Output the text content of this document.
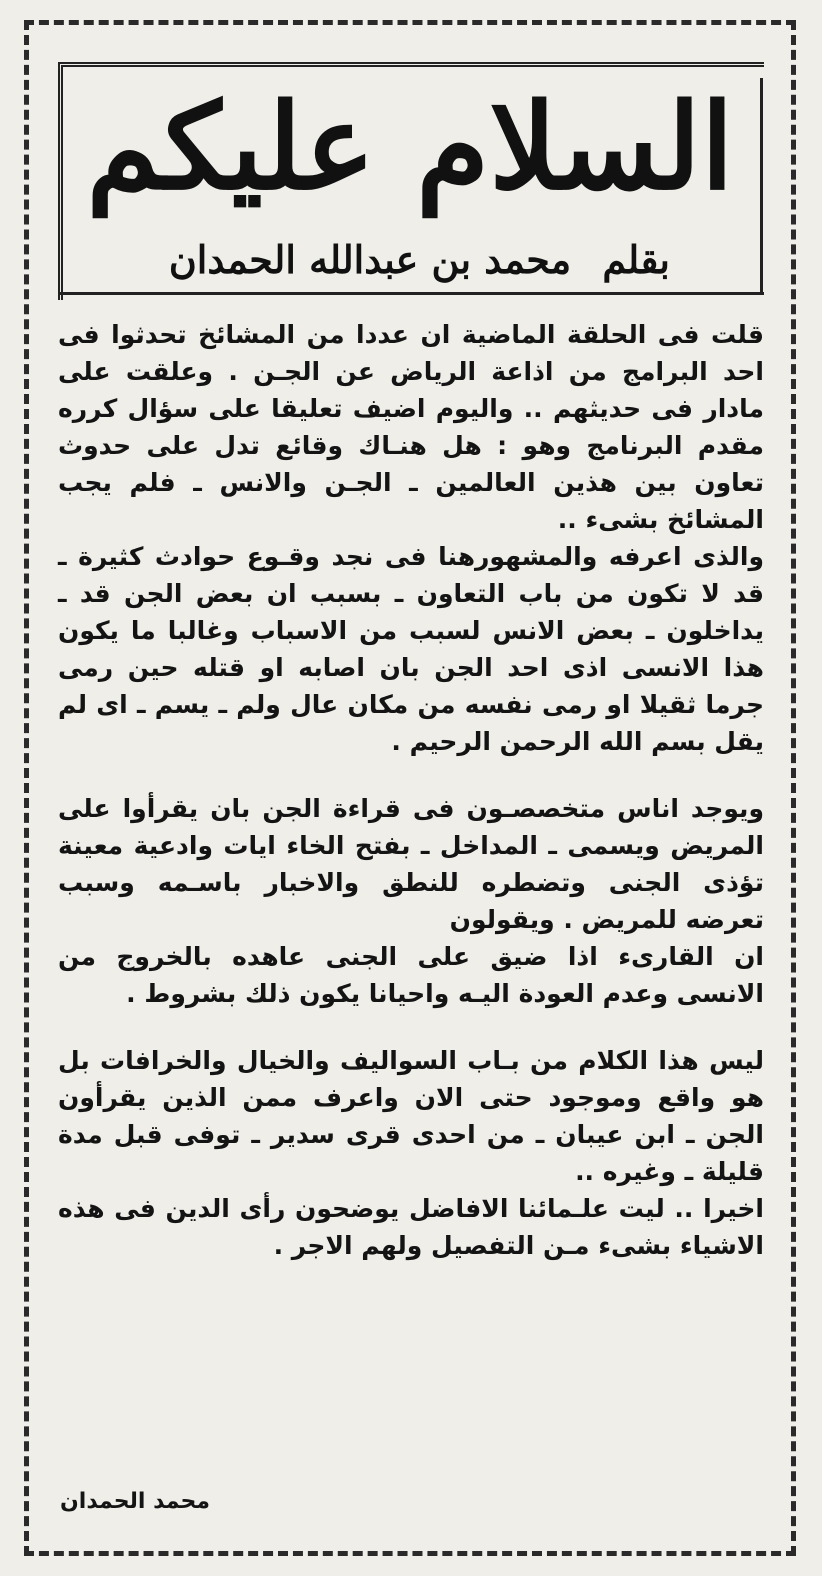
السلام عليكم
بقلم محمد بن عبدالله الحمدان

قلت فى الحلقة الماضية ان عددا من المشائخ تحدثوا فى احد البرامج من اذاعة الرياض عن الجـن . وعلقت على مادار فى حديثهم .. واليوم اضيف تعليقا على سؤال كرره مقدم البرنامج وهو : هل هنـاك وقائع تدل على حدوث تعاون بين هذين العالمين ـ الجـن والانس ـ فلم يجب المشائخ بشىء ..

والذى اعرفه والمشهورهنا فى نجد وقـوع حوادث كثيرة ـ قد لا تكون من باب التعاون ـ بسبب ان بعض الجن قد ـ يداخلون ـ بعض الانس لسبب من الاسباب وغالبا ما يكون هذا الانسى اذى احد الجن بان اصابه او قتله حين رمى جرما ثقيلا او رمى نفسه من مكان عال ولم ـ يسم ـ اى لم يقل بسم الله الرحمن الرحيم .

ويوجد اناس متخصصـون فى قراءة الجن بان يقرأوا على المريض ويسمى ـ المداخل ـ بفتح الخاء ايات وادعية معينة تؤذى الجنى وتضطره للنطق والاخبار باسـمه وسبب تعرضه للمريض . ويقولون

ان القارىء اذا ضيق على الجنى عاهده بالخروج من الانسى وعدم العودة اليـه واحيانا يكون ذلك بشروط .

ليس هذا الكلام من بـاب السواليف والخيال والخرافات بل هو واقع وموجود حتى الان واعرف ممن الذين يقرأون الجن ـ ابن عيبان ـ من احدى قرى سدير ـ توفى قبل مدة قليلة ـ وغيره ..

اخيرا .. ليت علـمائنا الافاضل يوضحون رأى الدين فى هذه الاشياء بشىء مـن التفصيل ولهم الاجر .

محمد الحمدان
